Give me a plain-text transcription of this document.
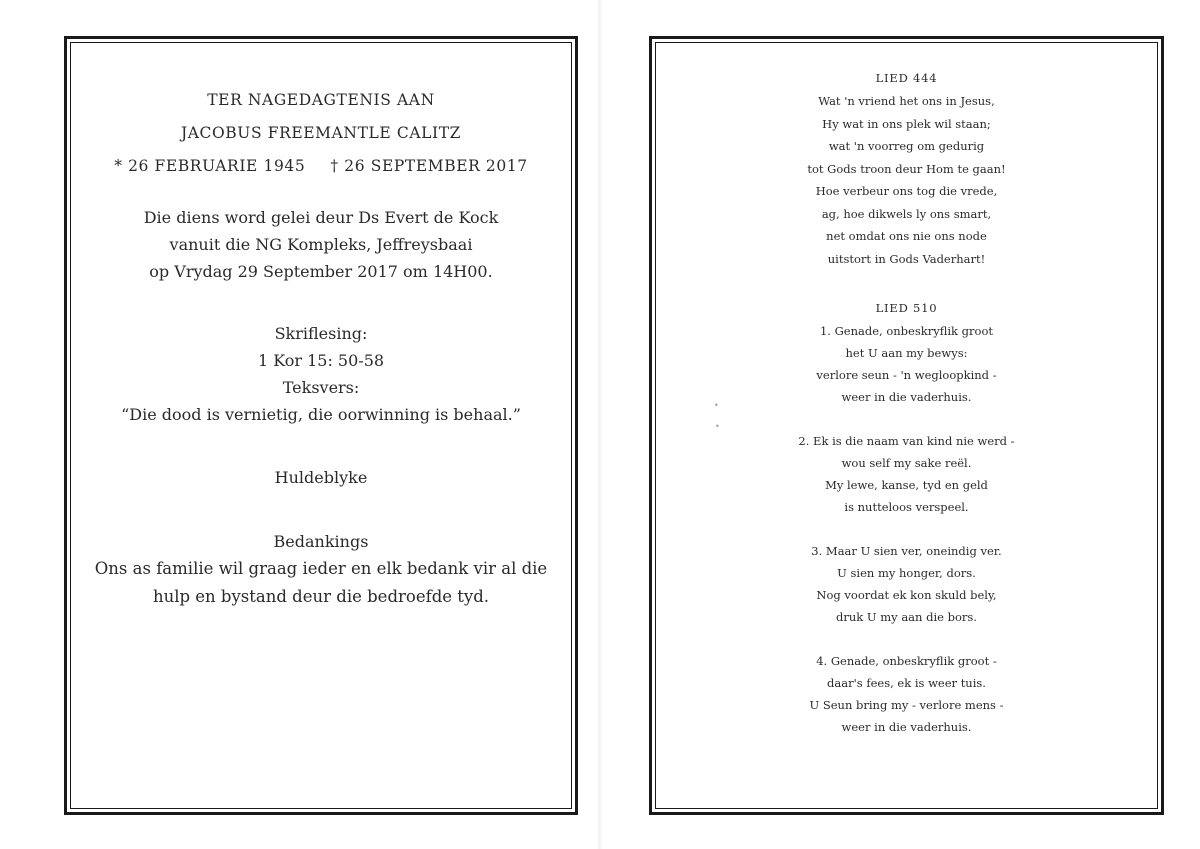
TER NAGEDAGTENIS AAN
JACOBUS FREEMANTLE CALITZ
* 26 FEBRUARIE 1945 † 26 SEPTEMBER 2017
Die diens word gelei deur Ds Evert de Kock
vanuit die NG Kompleks, Jeffreysbaai
op Vrydag 29 September 2017 om 14H00.
Skriflesing:
1 Kor 15: 50-58
Teksvers:
“Die dood is vernietig, die oorwinning is behaal.”
Huldeblyke
Bedankings
Ons as familie wil graag ieder en elk bedank vir al die
hulp en bystand deur die bedroefde tyd.
•
•
LIED 444
Wat 'n vriend het ons in Jesus,
Hy wat in ons plek wil staan;
wat 'n voorreg om gedurig
tot Gods troon deur Hom te gaan!
Hoe verbeur ons tog die vrede,
ag, hoe dikwels ly ons smart,
net omdat ons nie ons node
uitstort in Gods Vaderhart!
LIED 510
1. Genade, onbeskryflik groot
het U aan my bewys:
verlore seun - 'n wegloopkind -
weer in die vaderhuis.
2. Ek is die naam van kind nie werd -
wou self my sake reël.
My lewe, kanse, tyd en geld
is nutteloos verspeel.
3. Maar U sien ver, oneindig ver.
U sien my honger, dors.
Nog voordat ek kon skuld bely,
druk U my aan die bors.
4. Genade, onbeskryflik groot -
daar's fees, ek is weer tuis.
U Seun bring my - verlore mens -
weer in die vaderhuis.
